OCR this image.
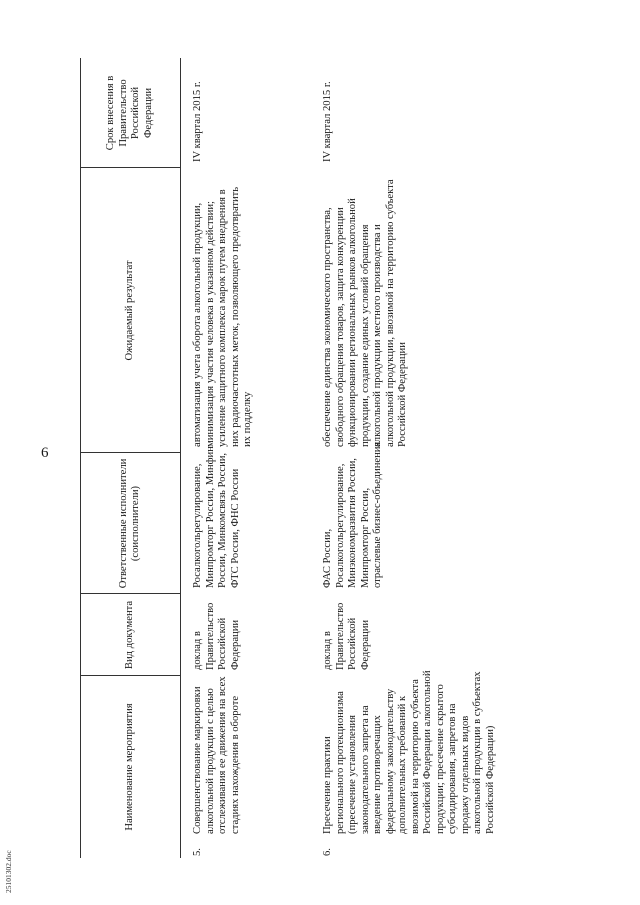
6
25101302.doc
Наименование мероприятия
Вид документа
Ответственные исполнители (соисполнители)
Ожидаемый результат
Срок внесения в Правительство Российской Федерации
5.
Совершенствование маркировки алкогольной продукции с целью отслеживания ее движения на всех стадиях нахождения в обороте
доклад в Правительство Российской Федерации
Росалкогольрегулирование, Минпромторг России, Минфин России, Минкомсвязь России, ФТС России, ФНС России
автоматизация учета оборота алкогольной продукции, минимизация участия человека в указанном действии; усиление защитного комплекса марок путем внедрения в них радиочастотных меток, позволяющего предотвратить их подделку
IV квартал 2015 г.
6.
Пресечение практики регионального протекционизма (пресечение установления законодательного запрета на введение противоречащих федеральному законодательству дополнительных требований к ввозимой на территорию субъекта Российской Федерации алкогольной продукции; пресечение скрытого субсидирования, запретов на продажу отдельных видов алкогольной продукции в субъектах Российской Федерации)
доклад в Правительство Российской Федерации
ФАС России, Росалкогольрегулирование, Минэкономразвития России, Минпромторг России, отраслевые бизнес-объединения
обеспечение единства экономического пространства, свободного обращения товаров, защита конкуренции функционировании региональных рынков алкогольной продукции, создание единых условий обращения алкогольной продукции местного производства и алкогольной продукции, ввозимой на территорию субъекта Российской Федерации
IV квартал 2015 г.
